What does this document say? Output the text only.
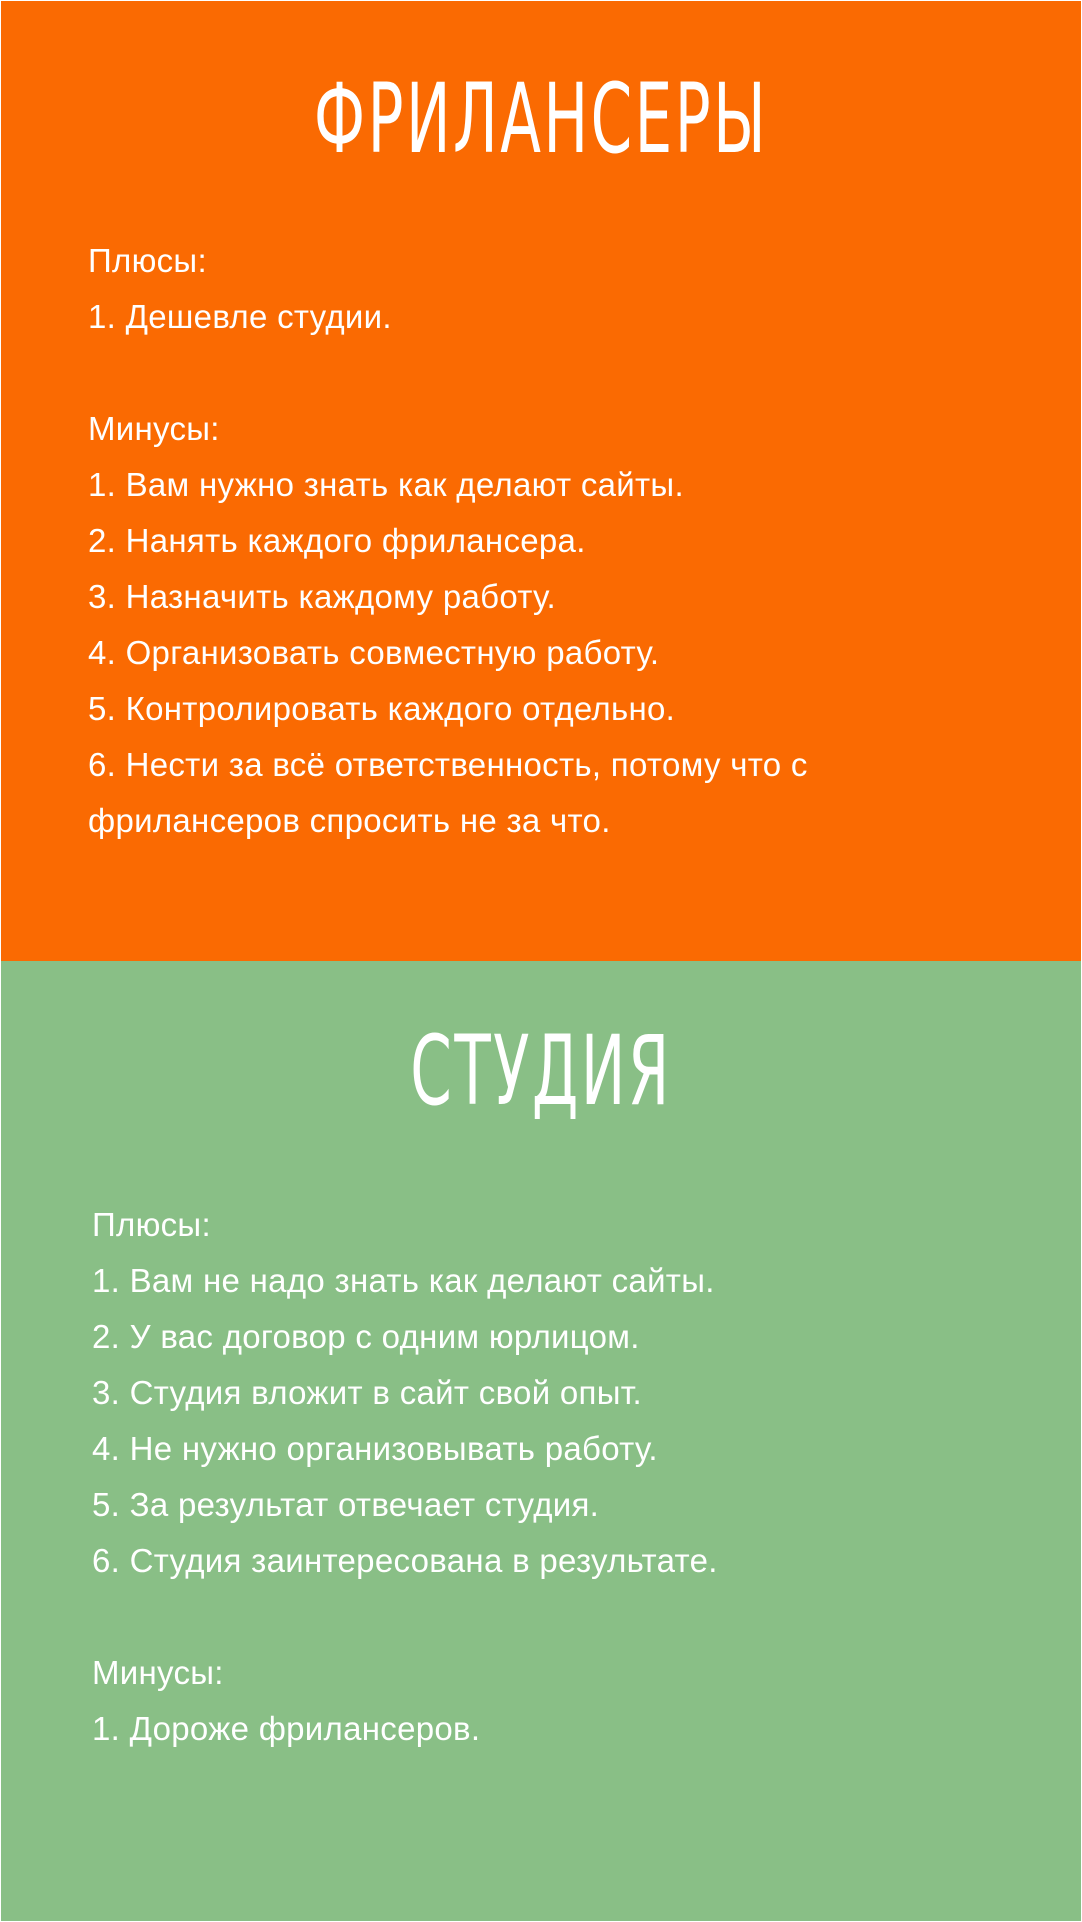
ФРИЛАНСЕРЫ
Плюсы:
1. Дешевле студии.
Минусы:
1. Вам нужно знать как делают сайты.
2. Нанять каждого фрилансера.
3. Назначить каждому работу.
4. Организовать совместную работу.
5. Контролировать каждого отдельно.
6. Нести за всё ответственность, потому что с
фрилансеров спросить не за что.
СТУДИЯ
Плюсы:
1. Вам не надо знать как делают сайты.
2. У вас договор с одним юрлицом.
3. Студия вложит в сайт свой опыт.
4. Не нужно организовывать работу.
5. За результат отвечает студия.
6. Студия заинтересована в результате.
Минусы:
1. Дороже фрилансеров.
